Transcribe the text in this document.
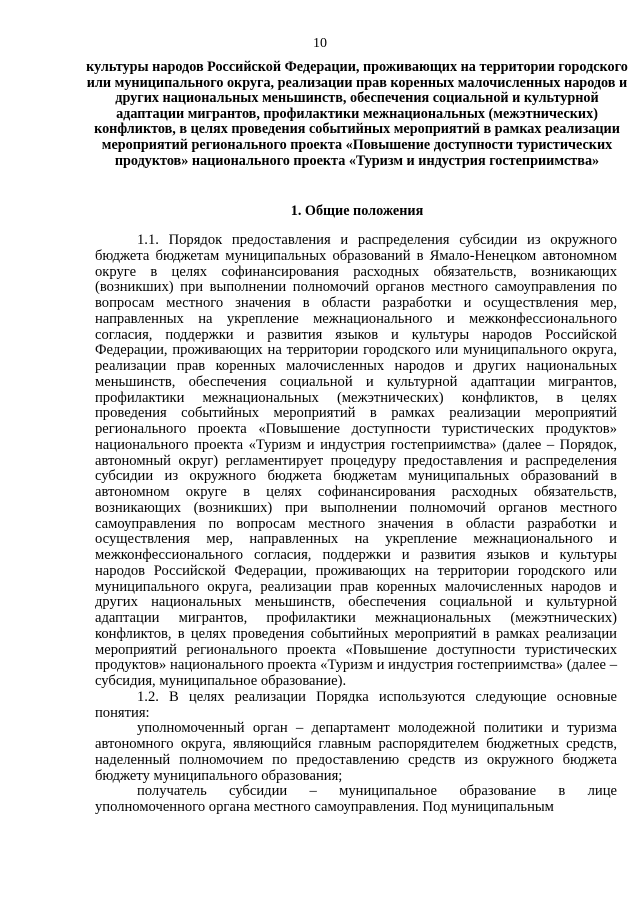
10
культуры народов Российской Федерации, проживающих на территории городского или муниципального округа, реализации прав коренных малочисленных народов и других национальных меньшинств, обеспечения социальной и культурной адаптации мигрантов, профилактики межнациональных (межэтнических) конфликтов, в целях проведения событийных мероприятий в рамках реализации мероприятий регионального проекта «Повышение доступности туристических продуктов» национального проекта «Туризм и индустрия гостеприимства»
1. Общие положения

1.1. Порядок предоставления и распределения субсидии из окружного бюджета бюджетам муниципальных образований в Ямало-Ненецком автономном округе в целях софинансирования расходных обязательств, возникающих (возникших) при выполнении полномочий органов местного самоуправления по вопросам местного значения в области разработки и осуществления мер, направленных на укрепление межнационального и межконфессионального согласия, поддержки и развития языков и культуры народов Российской Федерации, проживающих на территории городского или муниципального округа, реализации прав коренных малочисленных народов и других национальных меньшинств, обеспечения социальной и культурной адаптации мигрантов, профилактики межнациональных (межэтнических) конфликтов, в целях проведения событийных мероприятий в рамках реализации мероприятий регионального проекта «Повышение доступности туристических продуктов» национального проекта «Туризм и индустрия гостеприимства» (далее – Порядок, автономный округ) регламентирует процедуру предоставления и распределения субсидии из окружного бюджета бюджетам муниципальных образований в автономном округе в целях софинансирования расходных обязательств, возникающих (возникших) при выполнении полномочий органов местного самоуправления по вопросам местного значения в области разработки и осуществления мер, направленных на укрепление межнационального и межконфессионального согласия, поддержки и развития языков и культуры народов Российской Федерации, проживающих на территории городского или муниципального округа, реализации прав коренных малочисленных народов и других национальных меньшинств, обеспечения социальной и культурной адаптации мигрантов, профилактики межнациональных (межэтнических) конфликтов, в целях проведения событийных мероприятий в рамках реализации мероприятий регионального проекта «Повышение доступности туристических продуктов» национального проекта «Туризм и индустрия гостеприимства» (далее – субсидия, муниципальное образование).

1.2. В целях реализации Порядка используются следующие основные понятия:

уполномоченный орган – департамент молодежной политики и туризма автономного округа, являющийся главным распорядителем бюджетных средств, наделенный полномочием по предоставлению средств из окружного бюджета бюджету муниципального образования;

получатель субсидии – муниципальное образование в лице уполномоченного органа местного самоуправления. Под муниципальным
